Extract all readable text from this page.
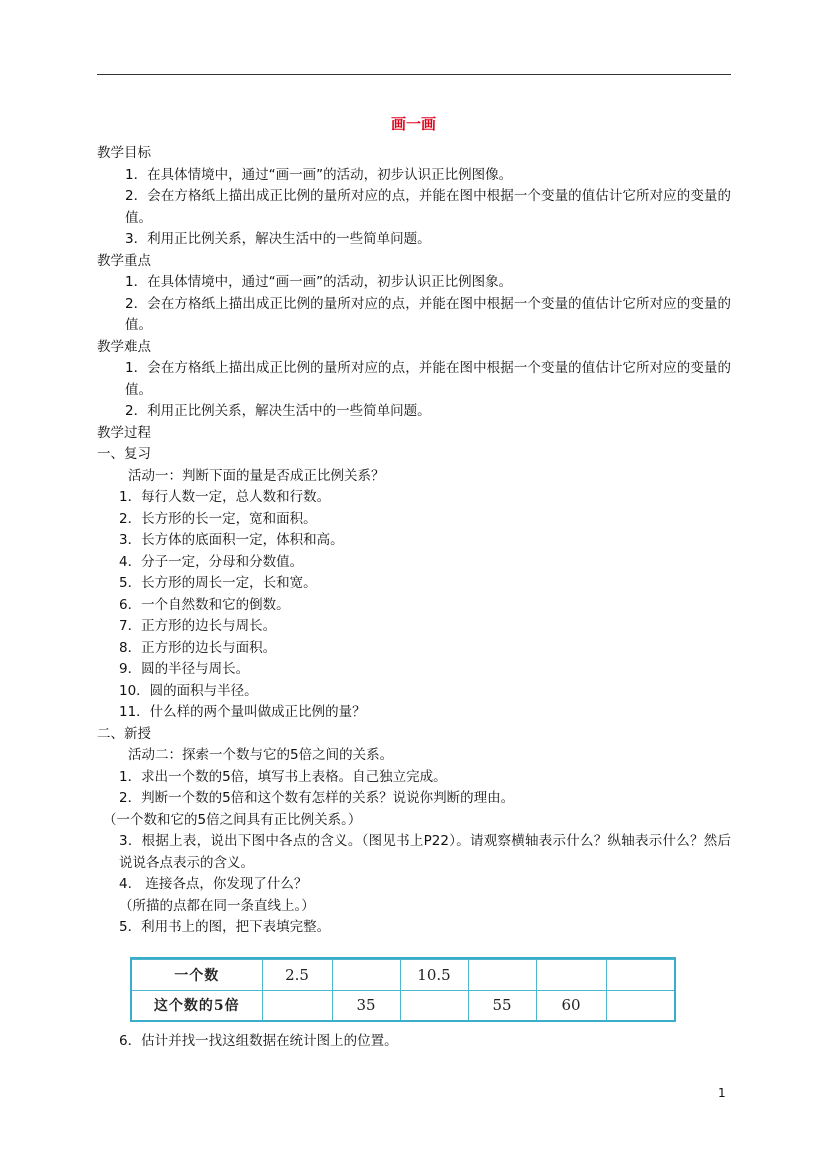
画一画
教学目标
1．在具体情境中，通过“画一画”的活动，初步认识正比例图像。
2．会在方格纸上描出成正比例的量所对应的点，并能在图中根据一个变量的值估计它所对应的变量的值。
3．利用正比例关系，解决生活中的一些简单问题。
教学重点
1．在具体情境中，通过“画一画”的活动，初步认识正比例图象。
2．会在方格纸上描出成正比例的量所对应的点，并能在图中根据一个变量的值估计它所对应的变量的值。
教学难点
1．会在方格纸上描出成正比例的量所对应的点，并能在图中根据一个变量的值估计它所对应的变量的值。
2．利用正比例关系，解决生活中的一些简单问题。
教学过程
一、复习
活动一：判断下面的量是否成正比例关系？
1．每行人数一定，总人数和行数。
2．长方形的长一定，宽和面积。
3．长方体的底面积一定，体积和高。
4．分子一定，分母和分数值。
5．长方形的周长一定，长和宽。
6．一个自然数和它的倒数。
7．正方形的边长与周长。
8．正方形的边长与面积。
9．圆的半径与周长。
10．圆的面积与半径。
11．什么样的两个量叫做成正比例的量？
二、新授
活动二：探索一个数与它的5倍之间的关系。
1．求出一个数的5倍，填写书上表格。自己独立完成。
2．判断一个数的5倍和这个数有怎样的关系？说说你判断的理由。
（一个数和它的5倍之间具有正比例关系。）
3．根据上表，说出下图中各点的含义。（图见书上P22）。请观察横轴表示什么？纵轴表示什么？然后说说各点表示的含义。
4.　连接各点，你发现了什么？
（所描的点都在同一条直线上。）
5．利用书上的图，把下表填完整。
一个数	2.5		10.5			
这个数的5倍		35		55	60	
6．估计并找一找这组数据在统计图上的位置。
1
